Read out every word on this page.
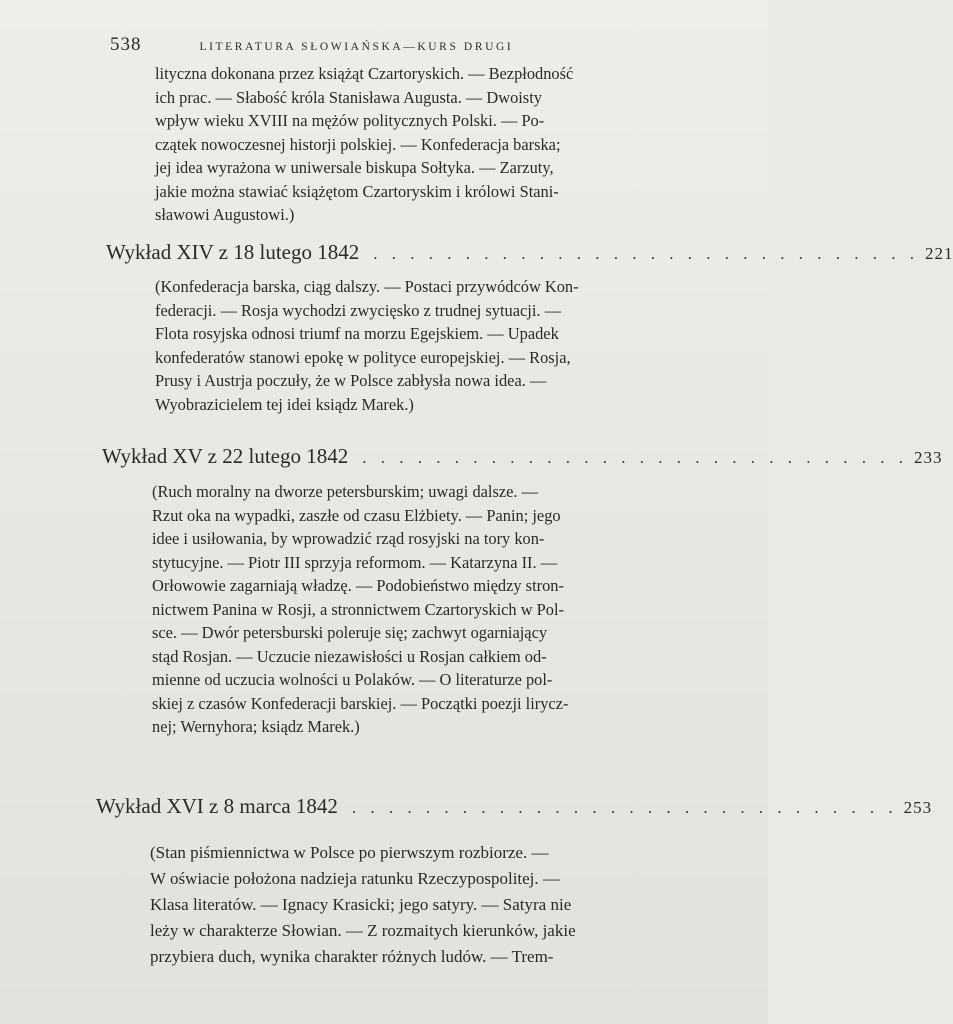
538	LITERATURA SŁOWIAŃSKA—KURS DRUGI
lityczna dokonana przez książąt Czartoryskich. — Bezpłodność
ich prac. — Słabość króla Stanisława Augusta. — Dwoisty
wpływ wieku XVIII na mężów politycznych Polski. — Po-
czątek nowoczesnej historji polskiej. — Konfederacja barska;
jej idea wyrażona w uniwersale biskupa Sołtyka. — Zarzuty,
jakie można stawiać książętom Czartoryskim i królowi Stani-
sławowi Augustowi.)
Wykład XIV z 18 lutego 1842 . . . . . . . . . . . . . . . . . . . . . . . . . . . . . . 221
(Konfederacja barska, ciąg dalszy. — Postaci przywódców Kon-
federacji. — Rosja wychodzi zwycięsko z trudnej sytuacji. —
Flota rosyjska odnosi triumf na morzu Egejskiem. — Upadek
konfederatów stanowi epokę w polityce europejskiej. — Rosja,
Prusy i Austrja poczuły, że w Polsce zabłysła nowa idea. —
Wyobrazicielem tej idei ksiądz Marek.)
Wykład XV z 22 lutego 1842 . . . . . . . . . . . . . . . . . . . . . . . . . . . . . . 233
(Ruch moralny na dworze petersburskim; uwagi dalsze. —
Rzut oka na wypadki, zaszłe od czasu Elżbiety. — Panin; jego
idee i usiłowania, by wprowadzić rząd rosyjski na tory kon-
stytucyjne. — Piotr III sprzyja reformom. — Katarzyna II. —
Orłowowie zagarniają władzę. — Podobieństwo między stron-
nictwem Panina w Rosji, a stronnictwem Czartoryskich w Pol-
sce. — Dwór petersburski poleruje się; zachwyt ogarniający
stąd Rosjan. — Uczucie niezawisłości u Rosjan całkiem od-
mienne od uczucia wolności u Polaków. — O literaturze pol-
skiej z czasów Konfederacji barskiej. — Początki poezji lirycz-
nej; Wernyhora; ksiądz Marek.)
Wykład XVI z 8 marca 1842 . . . . . . . . . . . . . . . . . . . . . . . . . . . . . . 253
(Stan piśmiennictwa w Polsce po pierwszym rozbiorze. —
W oświacie położona nadzieja ratunku Rzeczypospolitej. —
Klasa literatów. — Ignacy Krasicki; jego satyry. — Satyra nie
leży w charakterze Słowian. — Z rozmaitych kierunków, jakie
przybiera duch, wynika charakter różnych ludów. — Trem-
